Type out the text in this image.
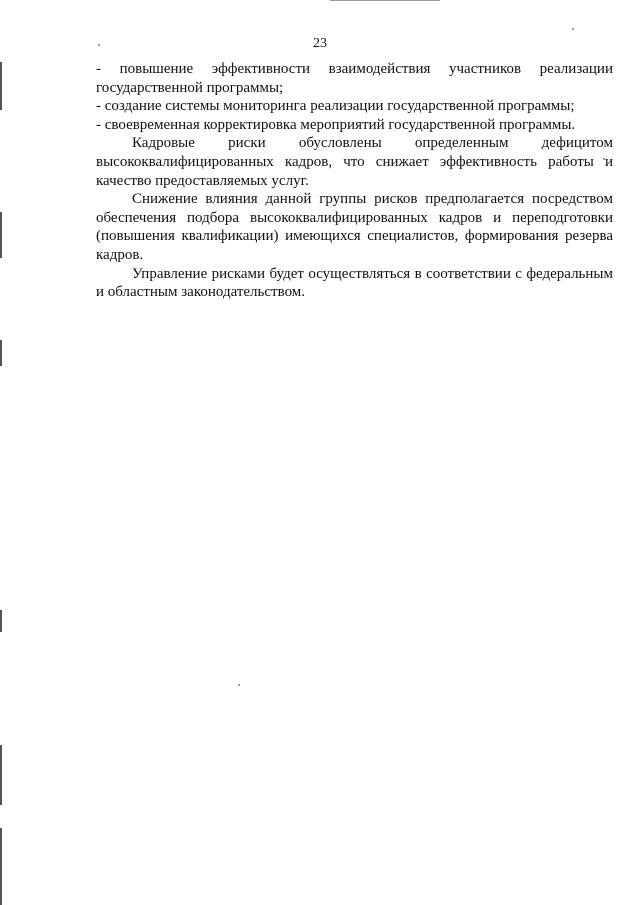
23

- повышение эффективности взаимодействия участников реализации государственной программы;

- создание системы мониторинга реализации государственной программы;

- своевременная корректировка мероприятий государственной программы.

Кадровые риски обусловлены определенным дефицитом высококвалифицированных кадров, что снижает эффективность работы и качество предоставляемых услуг.

Снижение влияния данной группы рисков предполагается посредством обеспечения подбора высококвалифицированных кадров и переподготовки (повышения квалификации) имеющихся специалистов, формирования резерва кадров.

Управление рисками будет осуществляться в соответствии с федеральным и областным законодательством.
